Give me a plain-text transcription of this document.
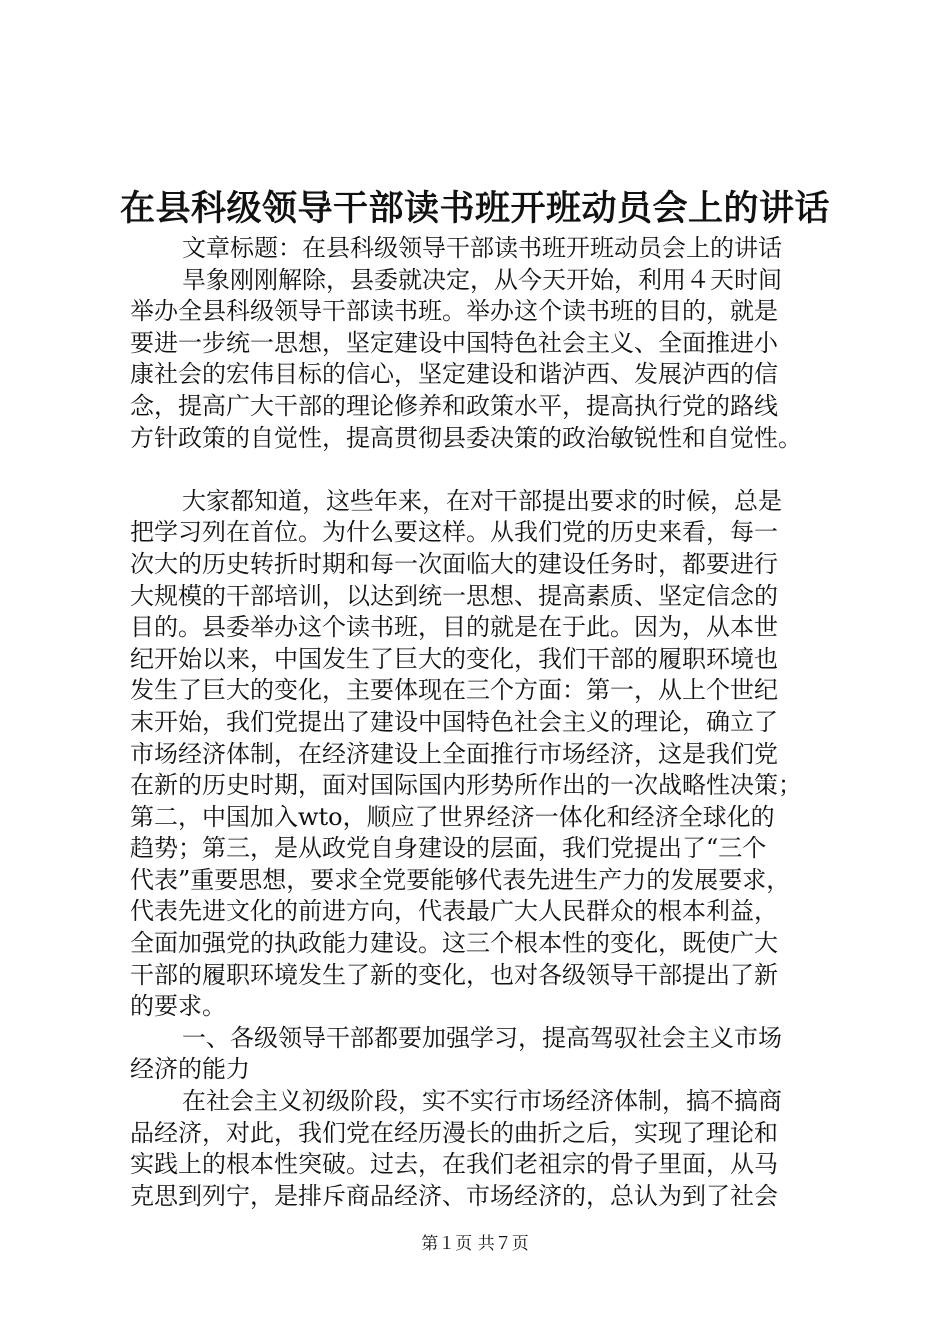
在县科级领导干部读书班开班动员会上的讲话
文章标题：在县科级领导干部读书班开班动员会上的讲话
旱象刚刚解除，县委就决定，从今天开始，利用４天时间
举办全县科级领导干部读书班。举办这个读书班的目的，就是
要进一步统一思想，坚定建设中国特色社会主义、全面推进小
康社会的宏伟目标的信心，坚定建设和谐泸西、发展泸西的信
念，提高广大干部的理论修养和政策水平，提高执行党的路线
方针政策的自觉性，提高贯彻县委决策的政治敏锐性和自觉性。
大家都知道，这些年来，在对干部提出要求的时候，总是
把学习列在首位。为什么要这样。从我们党的历史来看，每一
次大的历史转折时期和每一次面临大的建设任务时，都要进行
大规模的干部培训，以达到统一思想、提高素质、坚定信念的
目的。县委举办这个读书班，目的就是在于此。因为，从本世
纪开始以来，中国发生了巨大的变化，我们干部的履职环境也
发生了巨大的变化，主要体现在三个方面：第一，从上个世纪
末开始，我们党提出了建设中国特色社会主义的理论，确立了
市场经济体制，在经济建设上全面推行市场经济，这是我们党
在新的历史时期，面对国际国内形势所作出的一次战略性决策；
第二，中国加入wto，顺应了世界经济一体化和经济全球化的
趋势；第三，是从政党自身建设的层面，我们党提出了“三个
代表”重要思想，要求全党要能够代表先进生产力的发展要求，
代表先进文化的前进方向，代表最广大人民群众的根本利益，
全面加强党的执政能力建设。这三个根本性的变化，既使广大
干部的履职环境发生了新的变化，也对各级领导干部提出了新
的要求。
一、各级领导干部都要加强学习，提高驾驭社会主义市场
经济的能力
在社会主义初级阶段，实不实行市场经济体制，搞不搞商
品经济，对此，我们党在经历漫长的曲折之后，实现了理论和
实践上的根本性突破。过去，在我们老祖宗的骨子里面，从马
克思到列宁，是排斥商品经济、市场经济的，总认为到了社会
第１页 共７页
